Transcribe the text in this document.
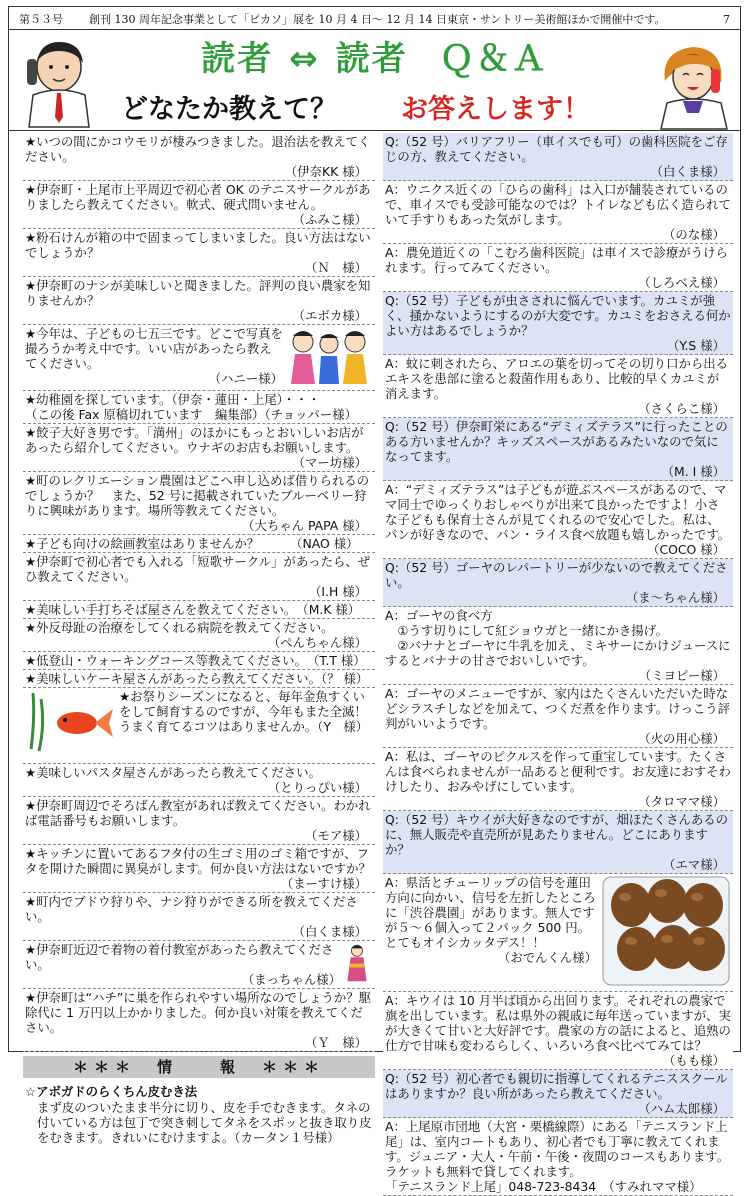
第５３号	創刊 130 周年記念事業として「ピカソ」展を 10 月 4 日～ 12 月 14 日東京・サントリー美術館ほかで開催中です。	7
読者 ⇔ 読者 Ｑ＆Ａ
どなたか教えて？ お答えします！
★いつの間にかコウモリが棲みつきました。退治法を教えてください。
（伊奈KK 様）
★伊奈町・上尾市上平周辺で初心者 OK のテニスサークルがありましたら教えてください。軟式、硬式問いません。
（ふみこ様）
★粉石けんが箱の中で固まってしまいました。良い方法はないでしょうか？
（Ｎ　様）
★伊奈町のナシが美味しいと聞きました。評判の良い農家を知りませんか？
（エボカ様）
★今年は、子どもの七五三です。どこで写真を撮ろうか考え中です。いい店があったら教えてください。
（ハニー様）
★幼稚園を探しています。（伊奈・蓮田・上尾）・・・
（この後 Fax 原稿切れています　編集部）（チョッパー様）
★餃子大好き男です。「満州」のほかにもっとおいしいお店があったら紹介してください。ウナギのお店もお願いします。
（マー坊様）
★町のレクリエーション農園はどこへ申し込めば借りられるのでしょうか？　また、52 号に掲載されていたブルーベリー狩りに興味があります。場所等教えてください。
（大ちゃん PAPA 様）
★子ども向けの絵画教室はありませんか？　　　（NAO 様）
★伊奈町で初心者でも入れる「短歌サークル」があったら、ぜひ教えてください。
（I.H 様）
★美味しい手打ちそば屋さんを教えてください。　（M.K 様）
★外反母趾の治療をしてくれる病院を教えてください。
（ぺんちゃん様）
★低登山・ウォーキングコース等教えてください。　（T.T 様）
★美味しいケーキ屋さんがあったら教えてください。（？ 様）
★お祭りシーズンになると、毎年金魚すくいをして飼育するのですが、今年もまた全滅！うまく育てるコツはありませんか。（Y　様）
★美味しいパスタ屋さんがあったら教えてください。
（とりっぴい様）
★伊奈町周辺でそろばん教室があれば教えてください。わかれば電話番号もお願いします。
（モア様）
★キッチンに置いてあるフタ付の生ゴミ用のゴミ箱ですが、フタを開けた瞬間に異臭がします。何か良い方法はないですか？
（まーすけ様）
★町内でブドウ狩りや、ナシ狩りができる所を教えてください。
（白くま様）
★伊奈町近辺で着物の着付教室があったら教えてください。
（まっちゃん様）
★伊奈町は“ハチ”に巣を作られやすい場所なのでしょうか？駆除代に 1 万円以上かかりました。何か良い対策を教えてください。
（Ｙ　様）
＊＊＊　情　　報　＊＊＊
☆アボガドのらくちん皮むき法
まず皮のついたまま半分に切り、皮を手でむきます。タネの付いている方は包丁で突き刺してタネをスポッと抜き取り皮をむきます。きれいにむけますよ。（カータン１号様）
Q:（52 号）バリアフリー（車イスでも可）の歯科医院をご存じの方、教えてください。
（白くま様）
A：ウニクス近くの「ひらの歯科」は入口が舗装されているので、車イスでも受診可能なのでは？トイレなども広く造られていて手すりもあった気がします。
（のな様）
A：農免道近くの「こむろ歯科医院」は車イスで診療がうけられます。行ってみてください。
（しろべえ様）
Q:（52 号）子どもが虫さされに悩んでいます。カユミが強く、掻かないようにするのが大変です。カユミをおさえる何かよい方はあるでしょうか？
（Y.S 様）
A：蚊に刺されたら、アロエの葉を切ってその切り口から出るエキスを患部に塗ると殺菌作用もあり、比較的早くカユミが消えます。
（さくらこ様）
Q:（52 号）伊奈町栄にある“デミィズテラス”に行ったことのある方いませんか？キッズスペースがあるみたいなので気になってます。
（M. I 様）
A：“デミィズテラス”は子どもが遊ぶスペースがあるので、ママ同士でゆっくりおしゃべりが出来て良かったですよ！小さな子どもも保育士さんが見てくれるので安心でした。私は、パンが好きなので、パン・ライス食べ放題も嬉しかったです。
（COCO 様）
Q:（52 号）ゴーヤのレパートリーが少ないので教えてください。
（ま～ちゃん様）
A：ゴーヤの食べ方
　①うす切りにして紅ショウガと一緒にかき揚げ。
　②バナナとゴーヤに牛乳を加え、ミキサーにかけジュースにするとバナナの甘さでおいしいです。
（ミヨピー様）
A：ゴーヤのメニューですが、家内はたくさんいただいた時などシラスチしなどを加えて、つくだ煮を作ります。けっこう評判がいいようです。
（火の用心様）
A：私は、ゴーヤのピクルスを作って重宝しています。たくさんは食べられませんが一品あると便利です。お友達におすそわけしたり、おみやげにしています。
（タロママ様）
Q:（52 号）キウイが大好きなのですが、畑ほたくさんあるのに、無人販売や直売所が見あたりません。どこにありますか？
（エマ様）
A：県活とチューリップの信号を蓮田方向に向かい、信号を左折したところに「渋谷農園」があります。無人ですが５～６個入って２パック 500 円。とてもオイシカッタデス！！
（おでんくん様）
A：キウイは 10 月半ば頃から出回ります。それぞれの農家で旗を出しています。私は県外の親戚に毎年送っていますが、実が大きくて甘いと大好評です。農家の方の話によると、追熟の仕方で甘味も変わるらしく、いろいろ食べ比べてみては？
（もも様）
Q:（52 号）初心者でも親切に指導してくれるテニススクールはありますか？良い所があったら教えてください。
（ハム太郎様）
A：上尾原市団地（大宮・栗橋線際）にある「テニスランド上尾」は、室内コートもあり、初心者でも丁寧に教えてくれます。ジュニア・大人・午前・午後・夜間のコースもあります。ラケットも無料で貸してくれます。
「テニスランド上尾」048-723-8434　（すみれママ様）
